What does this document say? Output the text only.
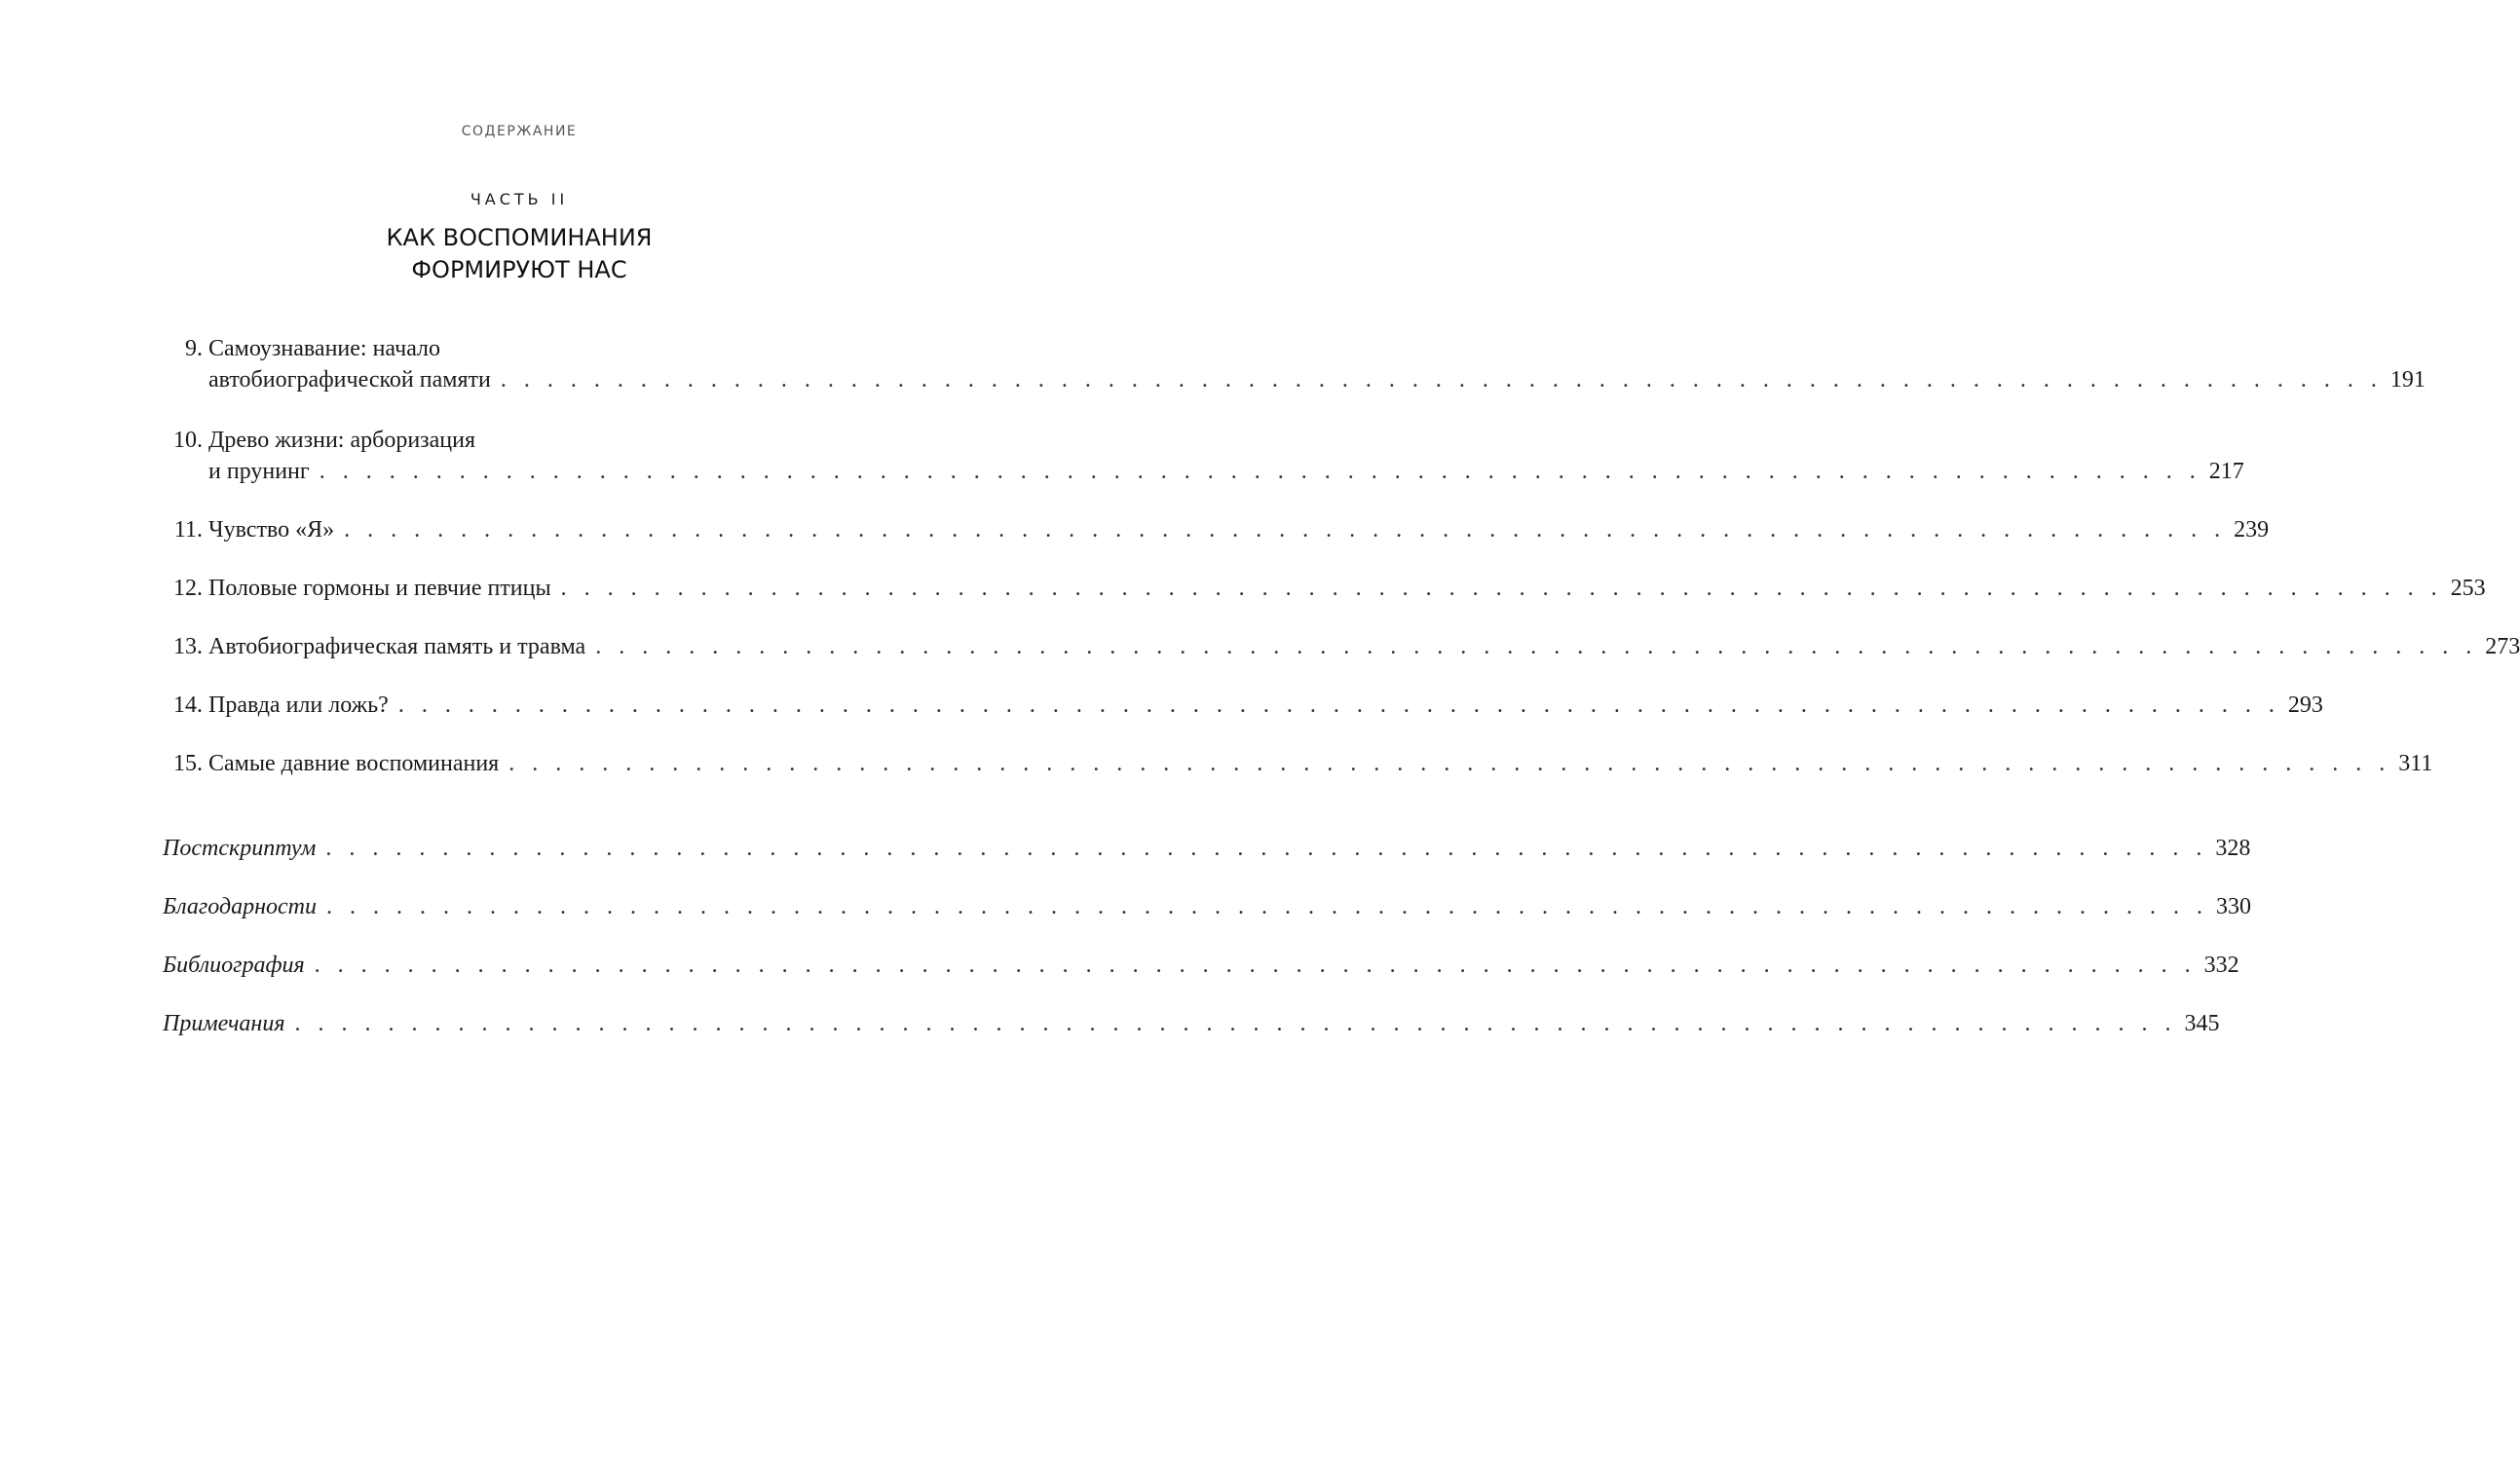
СОДЕРЖАНИЕ
ЧАСТЬ II
КАК ВОСПОМИНАНИЯ
ФОРМИРУЮТ НАС
9. Самоузнавание: начало
автобиографической памяти . . . . . . . . . . . . . . . . . . . . . . . . . . . . . . . . . . . . . . . . . . . . . . . . . . . . . . . . . . . . . . . . . . . . . . . . . . . . . . . . . 191
10. Древо жизни: арборизация
и прунинг . . . . . . . . . . . . . . . . . . . . . . . . . . . . . . . . . . . . . . . . . . . . . . . . . . . . . . . . . . . . . . . . . . . . . . . . . . . . . . . . . 217
11. Чувство «Я» . . . . . . . . . . . . . . . . . . . . . . . . . . . . . . . . . . . . . . . . . . . . . . . . . . . . . . . . . . . . . . . . . . . . . . . . . . . . . . . . . 239
12. Половые гормоны и певчие птицы . . . . . . . . . . . . . . . . . . . . . . . . . . . . . . . . . . . . . . . . . . . . . . . . . . . . . . . . . . . . . . . . . . . . . . . . . . . . . . . . . 253
13. Автобиографическая память и травма . . . . . . . . . . . . . . . . . . . . . . . . . . . . . . . . . . . . . . . . . . . . . . . . . . . . . . . . . . . . . . . . . . . . . . . . . . . . . . . . . 273
14. Правда или ложь? . . . . . . . . . . . . . . . . . . . . . . . . . . . . . . . . . . . . . . . . . . . . . . . . . . . . . . . . . . . . . . . . . . . . . . . . . . . . . . . . . 293
15. Самые давние воспоминания . . . . . . . . . . . . . . . . . . . . . . . . . . . . . . . . . . . . . . . . . . . . . . . . . . . . . . . . . . . . . . . . . . . . . . . . . . . . . . . . . 311
Постскриптум . . . . . . . . . . . . . . . . . . . . . . . . . . . . . . . . . . . . . . . . . . . . . . . . . . . . . . . . . . . . . . . . . . . . . . . . . . . . . . . . . 328
Благодарности . . . . . . . . . . . . . . . . . . . . . . . . . . . . . . . . . . . . . . . . . . . . . . . . . . . . . . . . . . . . . . . . . . . . . . . . . . . . . . . . . 330
Библиография . . . . . . . . . . . . . . . . . . . . . . . . . . . . . . . . . . . . . . . . . . . . . . . . . . . . . . . . . . . . . . . . . . . . . . . . . . . . . . . . . 332
Примечания . . . . . . . . . . . . . . . . . . . . . . . . . . . . . . . . . . . . . . . . . . . . . . . . . . . . . . . . . . . . . . . . . . . . . . . . . . . . . . . . . 345
